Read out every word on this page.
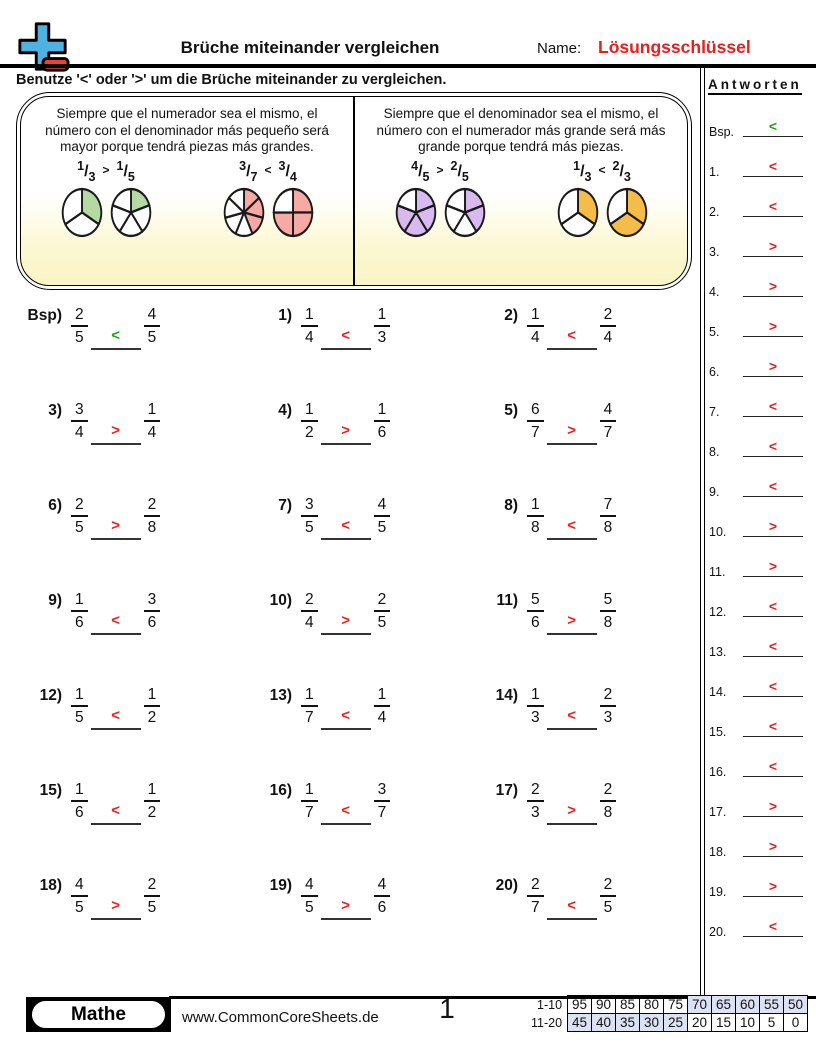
Brüche miteinander vergleichen	Name: Lösungsschlüssel
Benutze '<' oder '>' um die Brüche miteinander zu vergleichen.
Siempre que el numerador sea el mismo, el número con el denominador más pequeño será mayor porque tendrá piezas más grandes.
1/3 > 1/5
3/7 < 3/4
Siempre que el denominador sea el mismo, el número con el numerador más grande será más grande porque tendrá más piezas.
4/5 > 2/5
1/3 < 2/3
$Bsp) \frac{2}{5}$	<	$\frac{4}{5}$	$1) \frac{1}{4}$	<	$\frac{1}{3}$	$2) \frac{1}{4}$	<	$\frac{2}{4}$
$3) \frac{3}{4}$	>	$\frac{1}{4}$	$4) \frac{1}{2}$	>	$\frac{1}{6}$	$5) \frac{6}{7}$	>	$\frac{4}{7}$
$6) \frac{2}{5}$	>	$\frac{2}{8}$	$7) \frac{3}{5}$	<	$\frac{4}{5}$	$8) \frac{1}{8}$	<	$\frac{7}{8}$
$9) \frac{1}{6}$	<	$\frac{3}{6}$	$10) \frac{2}{4}$	>	$\frac{2}{5}$	$11) \frac{5}{6}$	>	$\frac{5}{8}$
$12) \frac{1}{5}$	<	$\frac{1}{2}$	$13) \frac{1}{7}$	<	$\frac{1}{4}$	$14) \frac{1}{3}$	<	$\frac{2}{3}$
$15) \frac{1}{6}$	<	$\frac{1}{2}$	$16) \frac{1}{7}$	<	$\frac{3}{7}$	$17) \frac{2}{3}$	>	$\frac{2}{8}$
$18) \frac{4}{5}$	>	$\frac{2}{5}$	$19) \frac{4}{5}$	>	$\frac{4}{6}$	$20) \frac{2}{7}$	<	$\frac{2}{5}$
Antworten
Bsp.	<
1.	<
2.	<
3.	>
4.	>
5.	>
6.	>
7.	<
8.	<
9.	<
10.	>
11.	>
12.	<
13.	<
14.	<
15.	<
16.	<
17.	>
18.	>
19.	>
20.	<
Mathe	www.CommonCoreSheets.de	1	1-10	95	90	85	80	75	70	65	60	55	50
11-20	45	40	35	30	25	20	15	10	5	0
